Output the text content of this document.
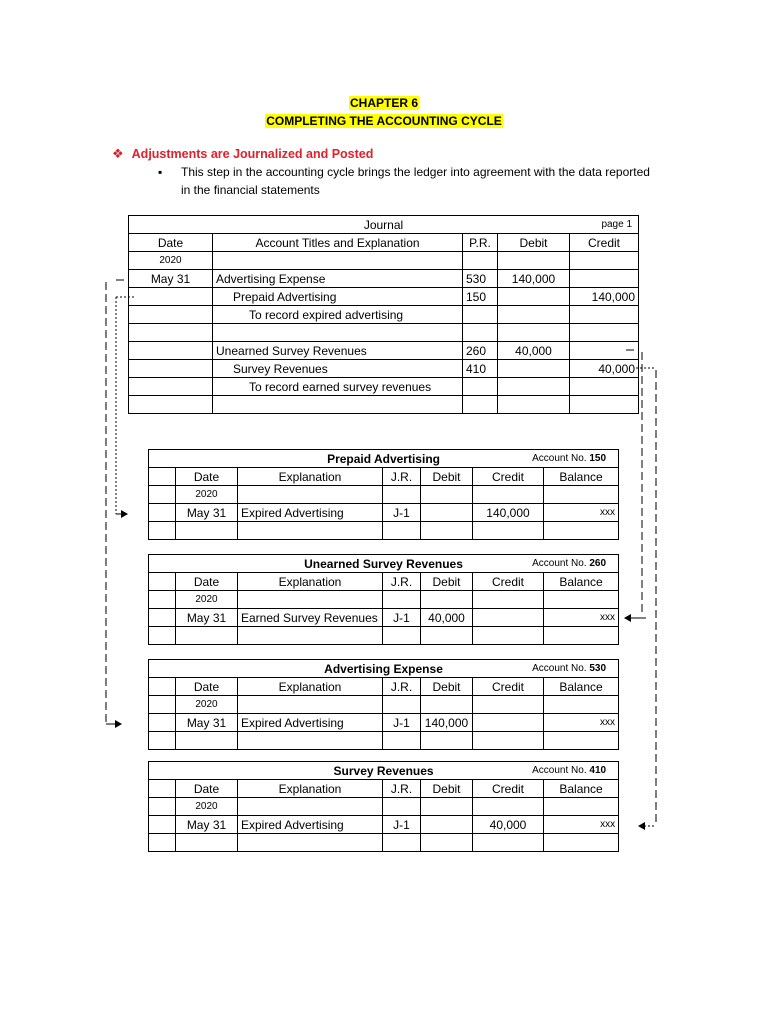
CHAPTER 6
COMPLETING THE ACCOUNTING CYCLE
❖ Adjustments are Journalized and Posted
▪ This step in the accounting cycle brings the ledger into agreement with the data reported in the financial statements
Journal page 1				

Date	Account Titles and Explanation	P.R.	Debit	Credit
2020				
May 31	Advertising Expense	530	140,000	
	Prepaid Advertising	150		140,000
	To record expired advertising			

	Unearned Survey Revenues	260	40,000	
	Survey Revenues	410		40,000
	To record earned survey revenues			

Prepaid Advertising Account No. 150						

	Date	Explanation	J.R.	Debit	Credit	Balance
	2020					
	May 31	Expired Advertising	J-1		140,000	xxx

Unearned Survey Revenues Account No. 260						

	Date	Explanation	J.R.	Debit	Credit	Balance
	2020					
	May 31	Earned Survey Revenues	J-1	40,000		xxx

Advertising Expense Account No. 530						

	Date	Explanation	J.R.	Debit	Credit	Balance
	2020					
	May 31	Expired Advertising	J-1	140,000		xxx

Survey Revenues Account No. 410						

	Date	Explanation	J.R.	Debit	Credit	Balance
	2020					
	May 31	Expired Advertising	J-1		40,000	xxx
